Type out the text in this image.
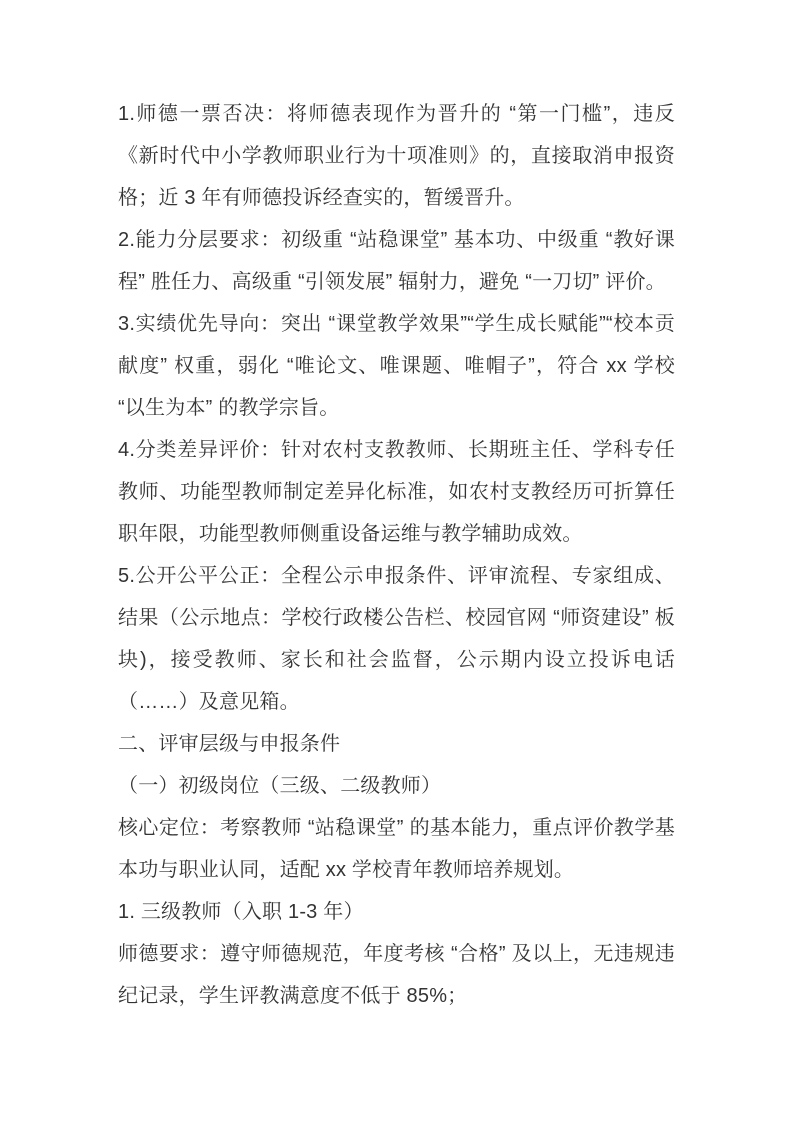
1.师德一票否决：将师德表现作为晋升的 “第一门槛”，违反《新时代中小学教师职业行为十项准则》的，直接取消申报资格；近 3 年有师德投诉经查实的，暂缓晋升。

2.能力分层要求：初级重 “站稳课堂” 基本功、中级重 “教好课程” 胜任力、高级重 “引领发展” 辐射力，避免 “一刀切” 评价。

3.实绩优先导向：突出 “课堂教学效果”“学生成长赋能”“校本贡献度” 权重，弱化 “唯论文、唯课题、唯帽子”，符合 xx 学校 “以生为本” 的教学宗旨。

4.分类差异评价：针对农村支教教师、长期班主任、学科专任教师、功能型教师制定差异化标准，如农村支教经历可折算任职年限，功能型教师侧重设备运维与教学辅助成效。

5.公开公平公正：全程公示申报条件、评审流程、专家组成、结果（公示地点：学校行政楼公告栏、校园官网 “师资建设” 板块)，接受教师、家长和社会监督，公示期内设立投诉电话（……）及意见箱。

二、评审层级与申报条件

（一）初级岗位（三级、二级教师）

核心定位：考察教师 “站稳课堂” 的基本能力，重点评价教学基本功与职业认同，适配 xx 学校青年教师培养规划。

1. 三级教师（入职 1-3 年）

师德要求：遵守师德规范，年度考核 “合格” 及以上，无违规违纪记录，学生评教满意度不低于 85%；
